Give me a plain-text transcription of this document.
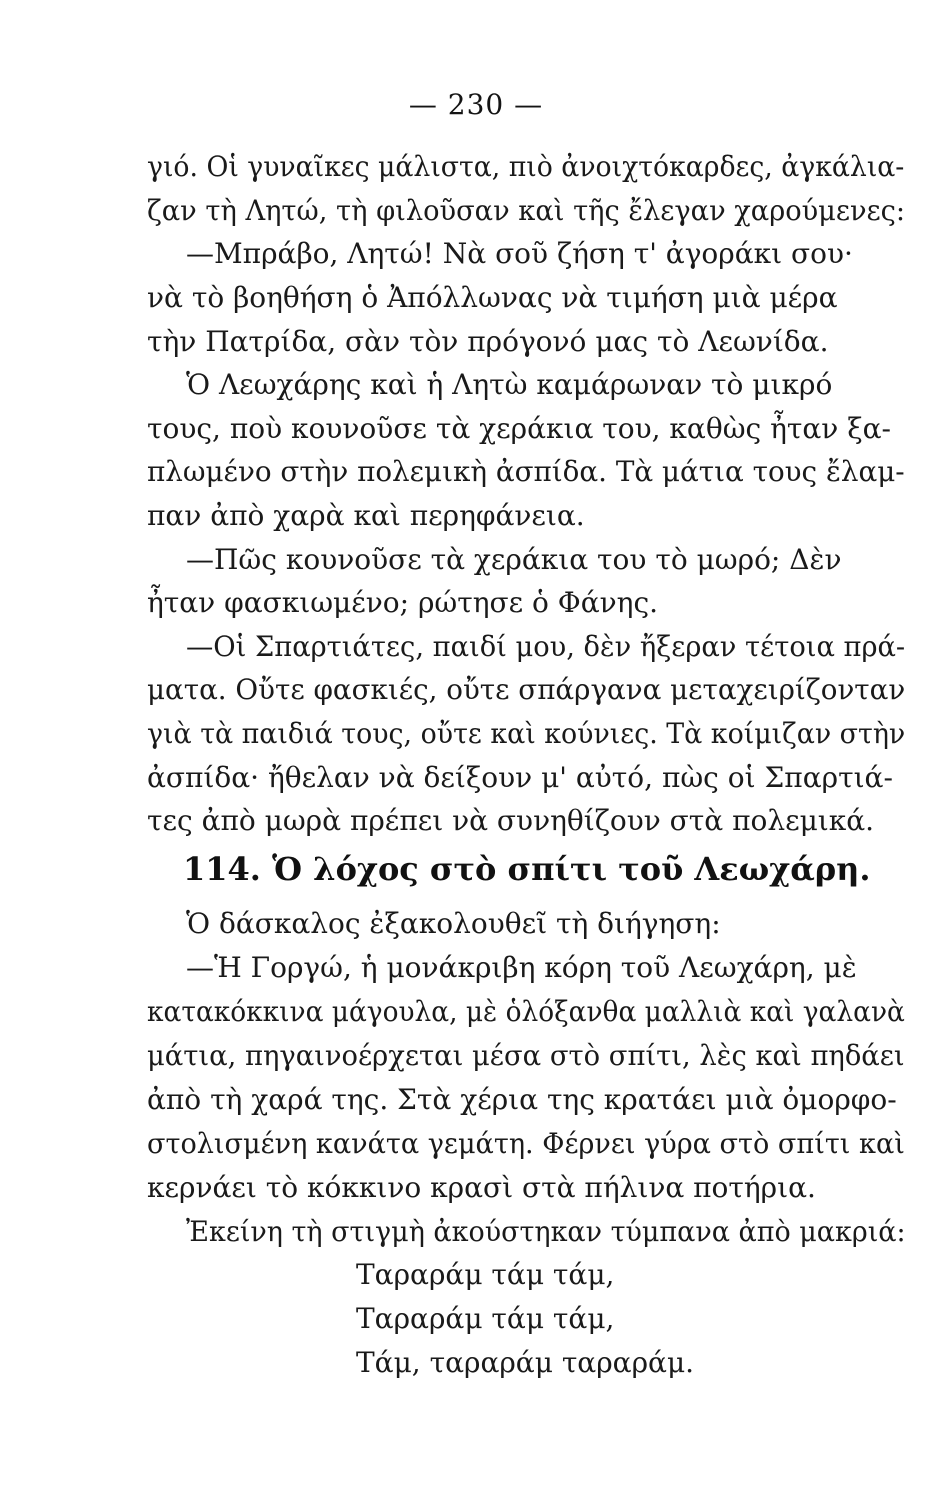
— 230 —
γιό. Οἱ γυναῖκες μάλιστα, πιὸ ἀνοιχτόκαρδες, ἀγκάλια-
ζαν τὴ Λητώ, τὴ φιλοῦσαν καὶ τῆς ἔλεγαν χαρούμενες:
—Μπράβο, Λητώ! Νὰ σοῦ ζήση τ' ἀγοράκι σου·
νὰ τὸ βοηθήση ὁ Ἀπόλλωνας νὰ τιμήση μιὰ μέρα
τὴν Πατρίδα, σὰν τὸν πρόγονό μας τὸ Λεωνίδα.
Ὁ Λεωχάρης καὶ ἡ Λητὼ καμάρωναν τὸ μικρό
τους, ποὺ κουνοῦσε τὰ χεράκια του, καθὼς ἦταν ξα-
πλωμένο στὴν πολεμικὴ ἀσπίδα. Τὰ μάτια τους ἔλαμ-
παν ἀπὸ χαρὰ καὶ περηφάνεια.
—Πῶς κουνοῦσε τὰ χεράκια του τὸ μωρό; Δὲν
ἦταν φασκιωμένο; ρώτησε ὁ Φάνης.
—Οἱ Σπαρτιάτες, παιδί μου, δὲν ἤξεραν τέτοια πρά-
ματα. Οὔτε φασκιές, οὔτε σπάργανα μεταχειρίζονταν
γιὰ τὰ παιδιά τους, οὔτε καὶ κούνιες. Τὰ κοίμιζαν στὴν
ἀσπίδα· ἤθελαν νὰ δείξουν μ' αὐτό, πὼς οἱ Σπαρτιά-
τες ἀπὸ μωρὰ πρέπει νὰ συνηθίζουν στὰ πολεμικά.
114. Ὁ λόχος στὸ σπίτι τοῦ Λεωχάρη.
Ὁ δάσκαλος ἐξακολουθεῖ τὴ διήγηση:
—Ἡ Γοργώ, ἡ μονάκριβη κόρη τοῦ Λεωχάρη, μὲ
κατακόκκινα μάγουλα, μὲ ὁλόξανθα μαλλιὰ καὶ γαλανὰ
μάτια, πηγαινοέρχεται μέσα στὸ σπίτι, λὲς καὶ πηδάει
ἀπὸ τὴ χαρά της. Στὰ χέρια της κρατάει μιὰ ὀμορφο-
στολισμένη κανάτα γεμάτη. Φέρνει γύρα στὸ σπίτι καὶ
κερνάει τὸ κόκκινο κρασὶ στὰ πήλινα ποτήρια.
Ἐκείνη τὴ στιγμὴ ἀκούστηκαν τύμπανα ἀπὸ μακριά:
Ταραράμ τάμ τάμ,
Ταραράμ τάμ τάμ,
Τάμ, ταραράμ ταραράμ.
